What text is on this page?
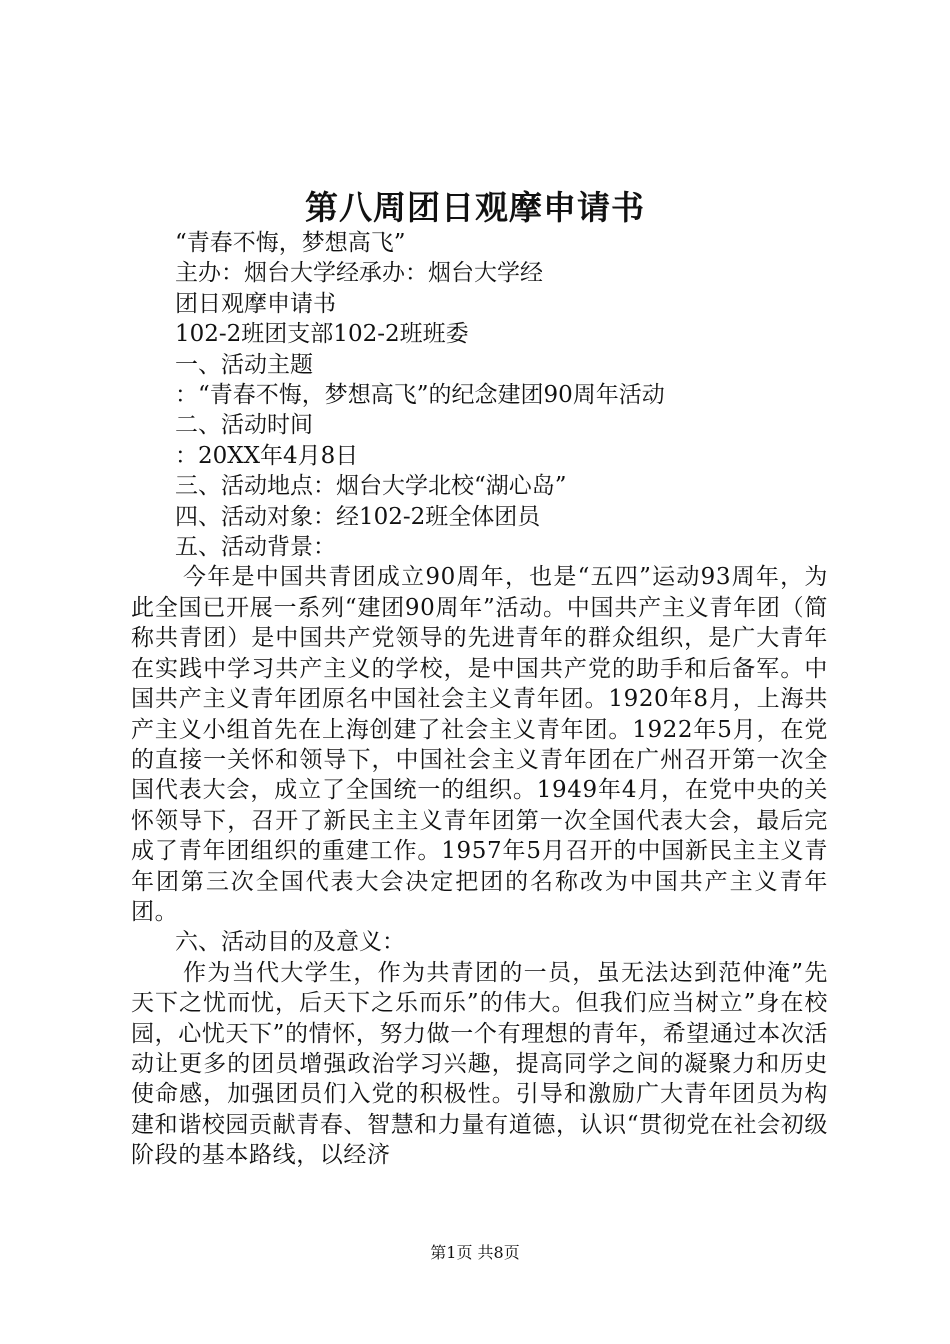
第八周团日观摩申请书

“青春不悔，梦想高飞”

主办：烟台大学经承办：烟台大学经

团日观摩申请书

102-2班团支部102-2班班委

一、活动主题

：“青春不悔，梦想高飞”的纪念建团90周年活动

二、活动时间

：20XX年4月8日

三、活动地点：烟台大学北校“湖心岛”

四、活动对象：经102-2班全体团员

五、活动背景：

今年是中国共青团成立90周年，也是“五四”运动93周年，为此全国已开展一系列“建团90周年”活动。中国共产主义青年团（简称共青团）是中国共产党领导的先进青年的群众组织，是广大青年在实践中学习共产主义的学校，是中国共产党的助手和后备军。中国共产主义青年团原名中国社会主义青年团。1920年8月，上海共产主义小组首先在上海创建了社会主义青年团。1922年5月，在党的直接一关怀和领导下，中国社会主义青年团在广州召开第一次全国代表大会，成立了全国统一的组织。1949年4月，在党中央的关怀领导下，召开了新民主主义青年团第一次全国代表大会，最后完成了青年团组织的重建工作。1957年5月召开的中国新民主主义青年团第三次全国代表大会决定把团的名称改为中国共产主义青年团。

六、活动目的及意义：

作为当代大学生，作为共青团的一员，虽无法达到范仲淹”先天下之忧而忧，后天下之乐而乐”的伟大。但我们应当树立”身在校园，心忧天下”的情怀，努力做一个有理想的青年，希望通过本次活动让更多的团员增强政治学习兴趣，提高同学之间的凝聚力和历史使命感，加强团员们入党的积极性。引导和激励广大青年团员为构建和谐校园贡献青春、智慧和力量有道德，认识“贯彻党在社会初级阶段的基本路线，以经济

第1页 共8页
